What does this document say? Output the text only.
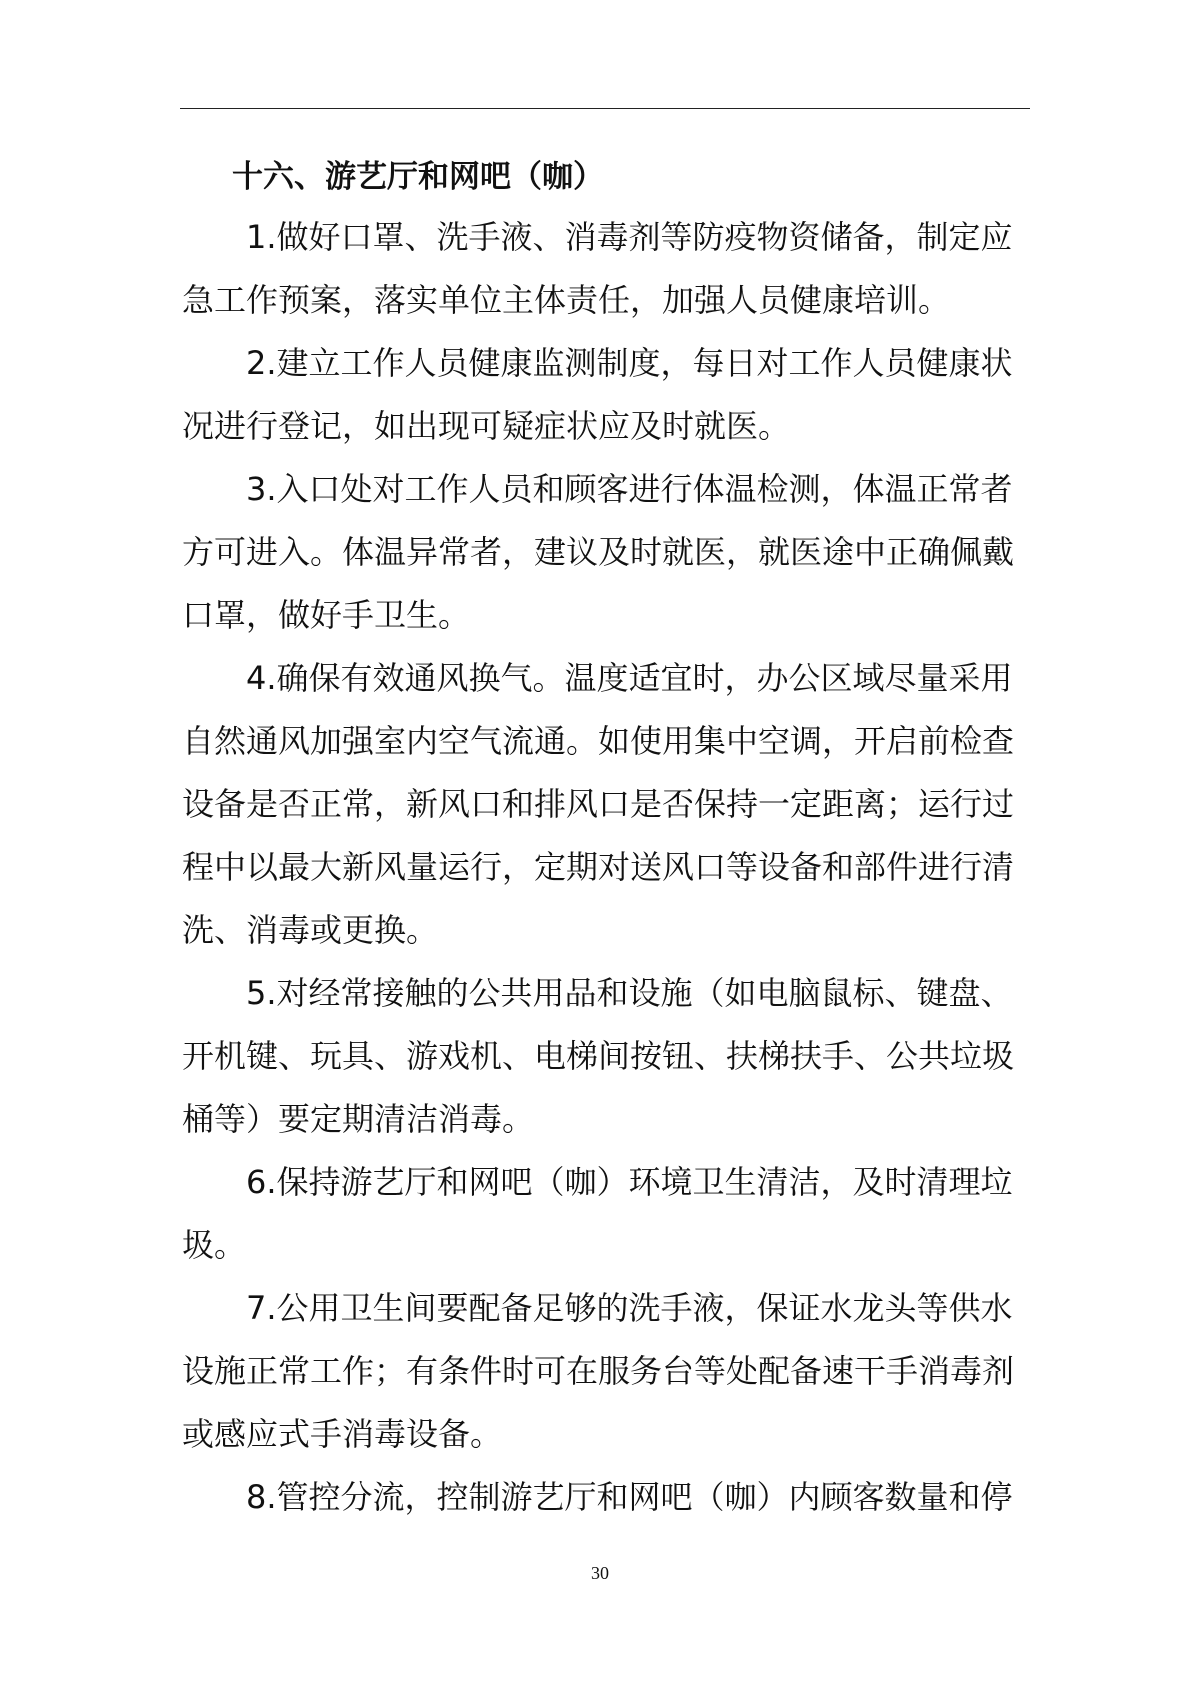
十六、游艺厅和网吧（咖）

1.做好口罩、洗手液、消毒剂等防疫物资储备，制定应

急工作预案，落实单位主体责任，加强人员健康培训。

2.建立工作人员健康监测制度，每日对工作人员健康状

况进行登记，如出现可疑症状应及时就医。

3.入口处对工作人员和顾客进行体温检测，体温正常者

方可进入。体温异常者，建议及时就医，就医途中正确佩戴

口罩，做好手卫生。

4.确保有效通风换气。温度适宜时，办公区域尽量采用

自然通风加强室内空气流通。如使用集中空调，开启前检查

设备是否正常，新风口和排风口是否保持一定距离；运行过

程中以最大新风量运行，定期对送风口等设备和部件进行清

洗、消毒或更换。

5.对经常接触的公共用品和设施（如电脑鼠标、键盘、

开机键、玩具、游戏机、电梯间按钮、扶梯扶手、公共垃圾

桶等）要定期清洁消毒。

6.保持游艺厅和网吧（咖）环境卫生清洁，及时清理垃

圾。

7.公用卫生间要配备足够的洗手液，保证水龙头等供水

设施正常工作；有条件时可在服务台等处配备速干手消毒剂

或感应式手消毒设备。

8.管控分流，控制游艺厅和网吧（咖）内顾客数量和停

30
